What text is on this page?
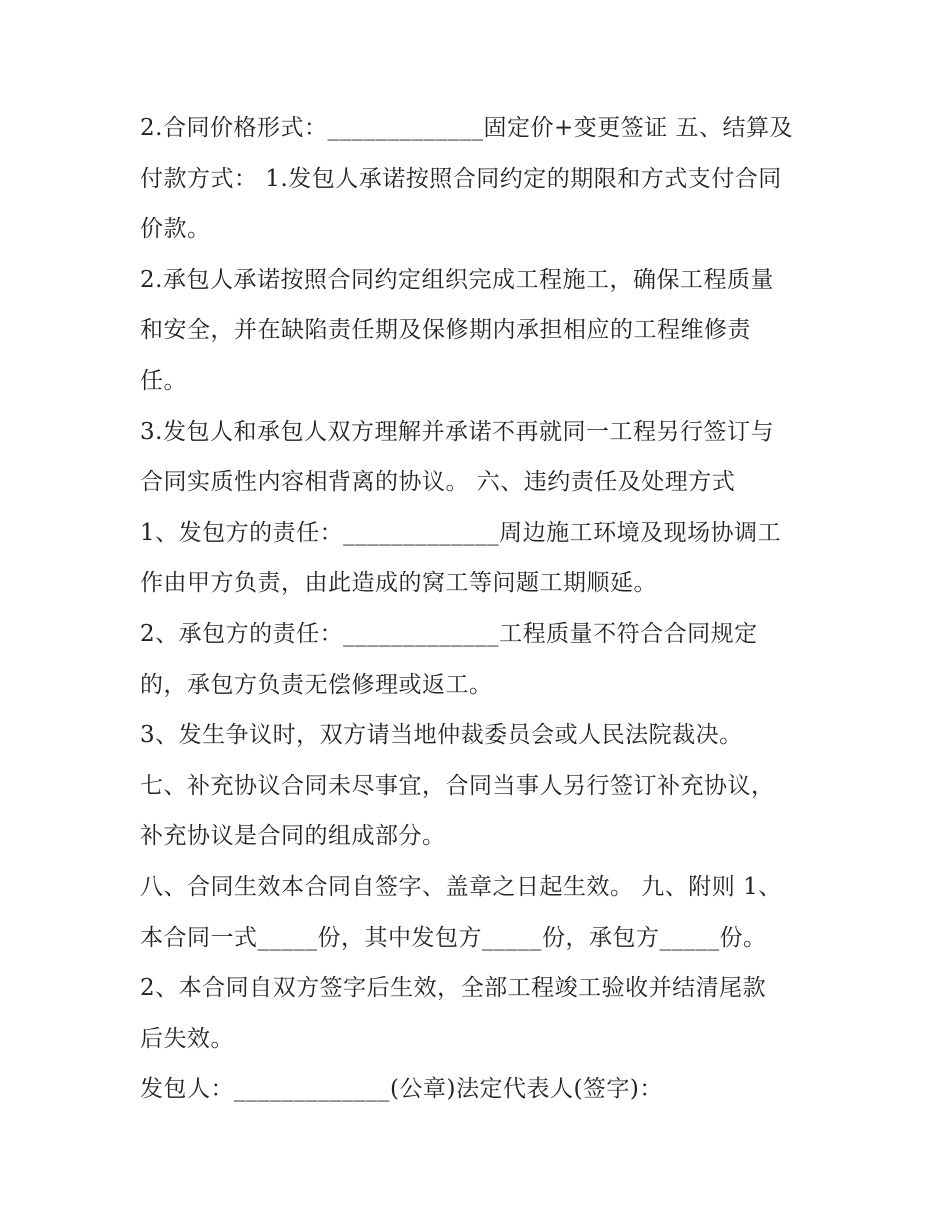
2.合同价格形式：_____________固定价+变更签证 五、结算及
付款方式： 1.发包人承诺按照合同约定的期限和方式支付合同
价款。
2.承包人承诺按照合同约定组织完成工程施工，确保工程质量
和安全，并在缺陷责任期及保修期内承担相应的工程维修责
任。
3.发包人和承包人双方理解并承诺不再就同一工程另行签订与
合同实质性内容相背离的协议。 六、违约责任及处理方式
1、发包方的责任：_____________周边施工环境及现场协调工
作由甲方负责，由此造成的窝工等问题工期顺延。
2、承包方的责任：_____________工程质量不符合合同规定
的，承包方负责无偿修理或返工。
3、发生争议时，双方请当地仲裁委员会或人民法院裁决。
七、补充协议合同未尽事宜，合同当事人另行签订补充协议，
补充协议是合同的组成部分。
八、合同生效本合同自签字、盖章之日起生效。 九、附则 1、
本合同一式_____份，其中发包方_____份，承包方_____份。
2、本合同自双方签字后生效，全部工程竣工验收并结清尾款
后失效。
发包人：_____________(公章)法定代表人(签字)：
